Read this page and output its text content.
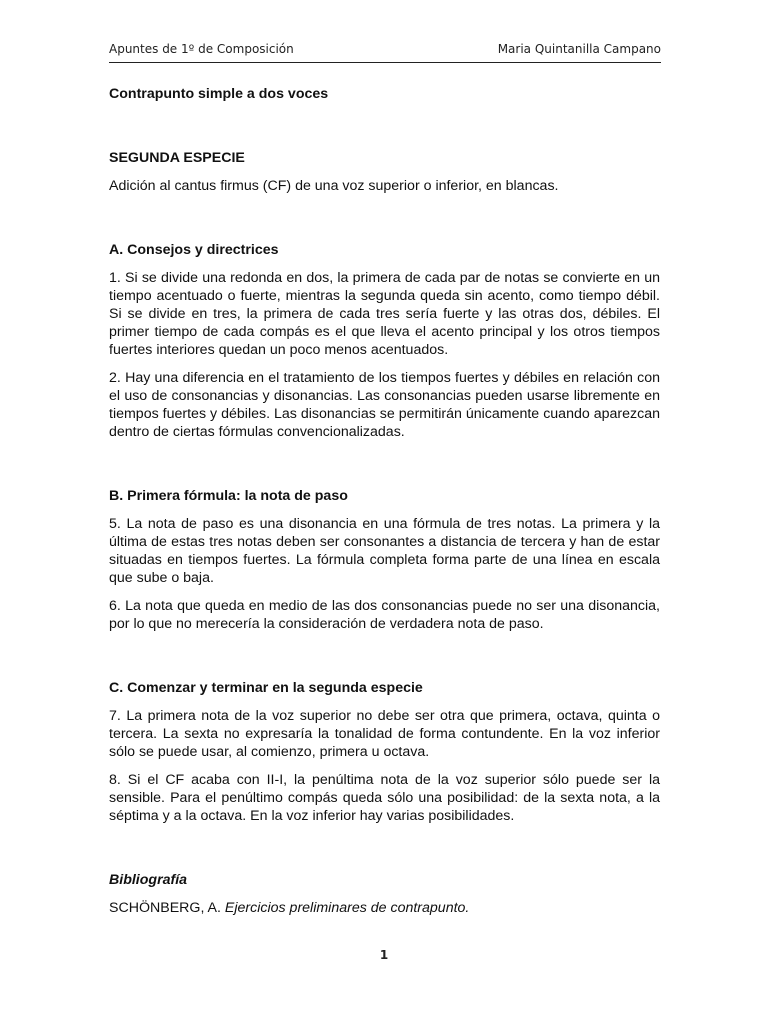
Apuntes de 1º de Composición	Maria Quintanilla Campano

Contrapunto simple a dos voces

SEGUNDA ESPECIE

Adición al cantus firmus (CF) de una voz superior o inferior, en blancas.

A. Consejos y directrices

1. Si se divide una redonda en dos, la primera de cada par de notas se convierte en un tiempo acentuado o fuerte, mientras la segunda queda sin acento, como tiempo débil. Si se divide en tres, la primera de cada tres sería fuerte y las otras dos, débiles. El primer tiempo de cada compás es el que lleva el acento principal y los otros tiempos fuertes interiores quedan un poco menos acentuados.

2. Hay una diferencia en el tratamiento de los tiempos fuertes y débiles en relación con el uso de consonancias y disonancias. Las consonancias pueden usarse libremente en tiempos fuertes y débiles. Las disonancias se permitirán únicamente cuando aparezcan dentro de ciertas fórmulas convencionalizadas.

B. Primera fórmula: la nota de paso

5. La nota de paso es una disonancia en una fórmula de tres notas. La primera y la última de estas tres notas deben ser consonantes a distancia de tercera y han de estar situadas en tiempos fuertes. La fórmula completa forma parte de una línea en escala que sube o baja.

6. La nota que queda en medio de las dos consonancias puede no ser una disonancia, por lo que no merecería la consideración de verdadera nota de paso.

C. Comenzar y terminar en la segunda especie

7. La primera nota de la voz superior no debe ser otra que primera, octava, quinta o tercera. La sexta no expresaría la tonalidad de forma contundente. En la voz inferior sólo se puede usar, al comienzo, primera u octava.

8. Si el CF acaba con II-I, la penúltima nota de la voz superior sólo puede ser la sensible. Para el penúltimo compás queda sólo una posibilidad: de la sexta nota, a la séptima y a la octava. En la voz inferior hay varias posibilidades.

Bibliografía

SCHÖNBERG, A. Ejercicios preliminares de contrapunto.

1
